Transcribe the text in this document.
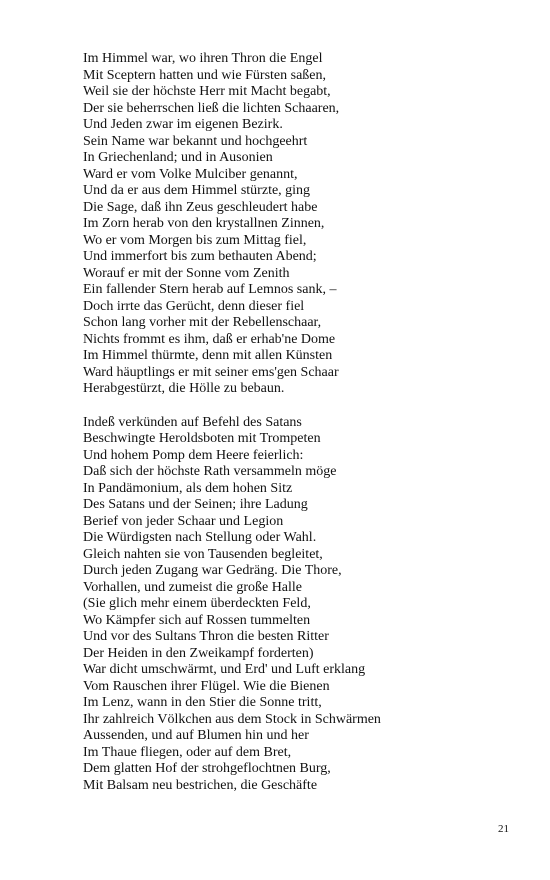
Im Himmel war, wo ihren Thron die Engel
Mit Sceptern hatten und wie Fürsten saßen,
Weil sie der höchste Herr mit Macht begabt,
Der sie beherrschen ließ die lichten Schaaren,
Und Jeden zwar im eigenen Bezirk.
Sein Name war bekannt und hochgeehrt
In Griechenland; und in Ausonien
Ward er vom Volke Mulciber genannt,
Und da er aus dem Himmel stürzte, ging
Die Sage, daß ihn Zeus geschleudert habe
Im Zorn herab von den krystallnen Zinnen,
Wo er vom Morgen bis zum Mittag fiel,
Und immerfort bis zum bethauten Abend;
Worauf er mit der Sonne vom Zenith
Ein fallender Stern herab auf Lemnos sank, –
Doch irrte das Gerücht, denn dieser fiel
Schon lang vorher mit der Rebellenschaar,
Nichts frommt es ihm, daß er erhab'ne Dome
Im Himmel thürmte, denn mit allen Künsten
Ward häuptlings er mit seiner ems'gen Schaar
Herabgestürzt, die Hölle zu bebaun.
Indeß verkünden auf Befehl des Satans
Beschwingte Heroldsboten mit Trompeten
Und hohem Pomp dem Heere feierlich:
Daß sich der höchste Rath versammeln möge
In Pandämonium, als dem hohen Sitz
Des Satans und der Seinen; ihre Ladung
Berief von jeder Schaar und Legion
Die Würdigsten nach Stellung oder Wahl.
Gleich nahten sie von Tausenden begleitet,
Durch jeden Zugang war Gedräng. Die Thore,
Vorhallen, und zumeist die große Halle
(Sie glich mehr einem überdeckten Feld,
Wo Kämpfer sich auf Rossen tummelten
Und vor des Sultans Thron die besten Ritter
Der Heiden in den Zweikampf forderten)
War dicht umschwärmt, und Erd' und Luft erklang
Vom Rauschen ihrer Flügel. Wie die Bienen
Im Lenz, wann in den Stier die Sonne tritt,
Ihr zahlreich Völkchen aus dem Stock in Schwärmen
Aussenden, und auf Blumen hin und her
Im Thaue fliegen, oder auf dem Bret,
Dem glatten Hof der strohgeflochtnen Burg,
Mit Balsam neu bestrichen, die Geschäfte
21
